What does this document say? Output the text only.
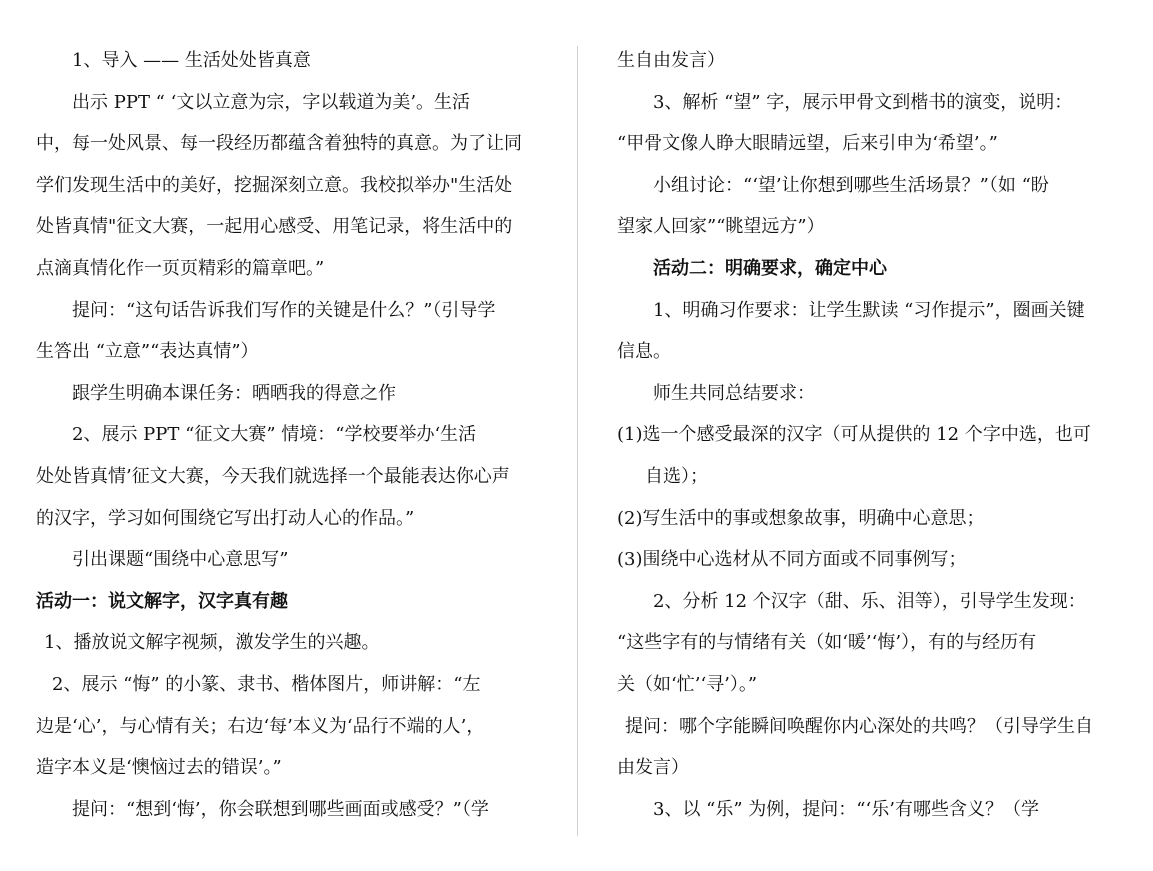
1、导入 —— 生活处处皆真意
出示 PPT “ ‘文以立意为宗，字以载道为美’。生活
中，每一处风景、每一段经历都蕴含着独特的真意。为了让同
学们发现生活中的美好，挖掘深刻立意。我校拟举办"生活处
处皆真情"征文大赛，一起用心感受、用笔记录，将生活中的
点滴真情化作一页页精彩的篇章吧。”
提问：“这句话告诉我们写作的关键是什么？”（引导学
生答出 “立意”“表达真情”）
跟学生明确本课任务：晒晒我的得意之作
2、展示 PPT “征文大赛” 情境：“学校要举办‘生活
处处皆真情’征文大赛，今天我们就选择一个最能表达你心声
的汉字，学习如何围绕它写出打动人心的作品。”
引出课题“围绕中心意思写”
活动一：说文解字，汉字真有趣
1、播放说文解字视频，激发学生的兴趣。
2、展示 “悔” 的小篆、隶书、楷体图片，师讲解：“左
边是‘心’，与心情有关；右边‘每’本义为‘品行不端的人’，
造字本义是‘懊恼过去的错误’。”
提问：“想到‘悔’，你会联想到哪些画面或感受？”（学
生自由发言）
3、解析 “望” 字，展示甲骨文到楷书的演变，说明：
“甲骨文像人睁大眼睛远望，后来引申为‘希望’。”
小组讨论：“‘望’让你想到哪些生活场景？”（如 “盼
望家人回家”“眺望远方”）
活动二：明确要求，确定中心
1、明确习作要求：让学生默读 “习作提示”，圈画关键
信息。
师生共同总结要求：
(1)选一个感受最深的汉字（可从提供的 12 个字中选，也可
自选）；
(2)写生活中的事或想象故事，明确中心意思；
(3)围绕中心选材从不同方面或不同事例写；
2、分析 12 个汉字（甜、乐、泪等），引导学生发现：
“这些字有的与情绪有关（如‘暖’‘悔’），有的与经历有
关（如‘忙’‘寻’）。”
提问：哪个字能瞬间唤醒你内心深处的共鸣？（引导学生自
由发言）
3、以 “乐” 为例，提问：“‘乐’有哪些含义？（学
